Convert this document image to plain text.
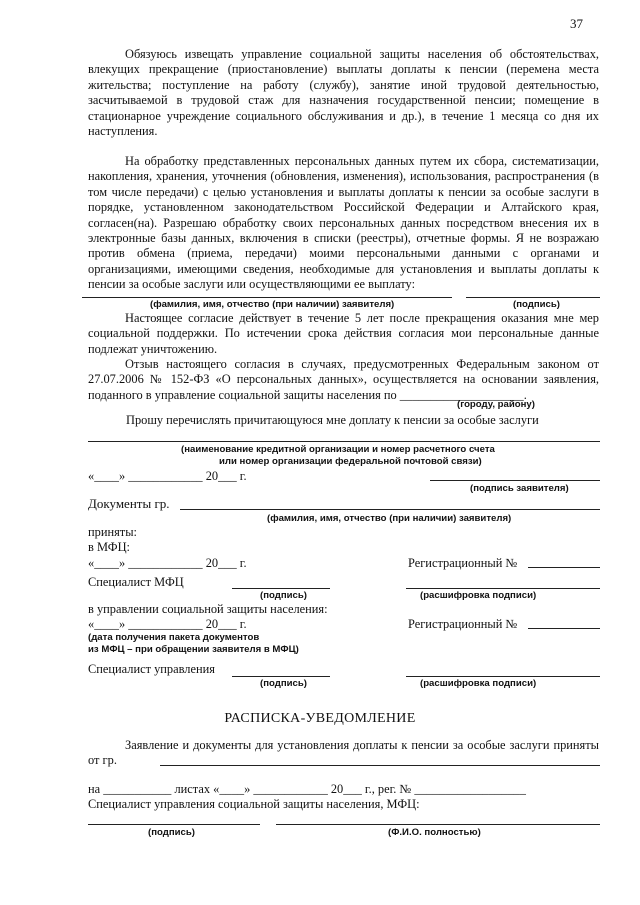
37

Обязуюсь извещать управление социальной защиты населения об обстоятельствах, влекущих прекращение (приостановление) выплаты доплаты к пенсии (перемена места жительства; поступление на работу (службу), занятие иной трудовой деятельностью, засчитываемой в трудовой стаж для назначения государственной пенсии; помещение в стационарное учреждение социального обслуживания и др.), в течение 1 месяца со дня их наступления.

На обработку представленных персональных данных путем их сбора, систематизации, накопления, хранения, уточнения (обновления, изменения), использования, распространения (в том числе передачи) с целью установления и выплаты доплаты к пенсии за особые заслуги в порядке, установленном законодательством Российской Федерации и Алтайского края, согласен(на). Разрешаю обработку своих персональных данных посредством внесения их в электронные базы данных, включения в списки (реестры), отчетные формы. Я не возражаю против обмена (приема, передачи) моими персональными данными с органами и организациями, имеющими сведения, необходимые для установления и выплаты доплаты к пенсии за особые заслуги или осуществляющими ее выплату:

(фамилия, имя, отчество (при наличии) заявителя)	(подпись)

Настоящее согласие действует в течение 5 лет после прекращения оказания мне мер социальной поддержки. По истечении срока действия согласия мои персональные данные подлежат уничтожению.

Отзыв настоящего согласия в случаях, предусмотренных Федеральным законом от 27.07.2006 № 152-ФЗ «О персональных данных», осуществляется на основании заявления, поданного в управление социальной защиты населения по ____________________.

(городу, району)
Прошу перечислять причитающуюся мне доплату к пенсии за особые заслуги
(наименование кредитной организации и номер расчетного счета
или номер организации федеральной почтовой связи)
«____» ____________ 20___ г.
(подпись заявителя)
Документы гр.
(фамилия, имя, отчество (при наличии) заявителя)
приняты:
в МФЦ:
«____» ____________ 20___ г.	Регистрационный №
Специалист МФЦ
(подпись)	(расшифровка подписи)
в управлении социальной защиты населения:
«____» ____________ 20___ г.	Регистрационный №
(дата получения пакета документов
из МФЦ – при обращении заявителя в МФЦ)
Специалист управления
(подпись)	(расшифровка подписи)
РАСПИСКА-УВЕДОМЛЕНИЕ

Заявление и документы для установления доплаты к пенсии за особые заслуги приняты от гр.

на ___________ листах «____» ____________ 20___ г., рег. № __________________
Специалист управления социальной защиты населения, МФЦ:
(подпись)	(Ф.И.О. полностью)
